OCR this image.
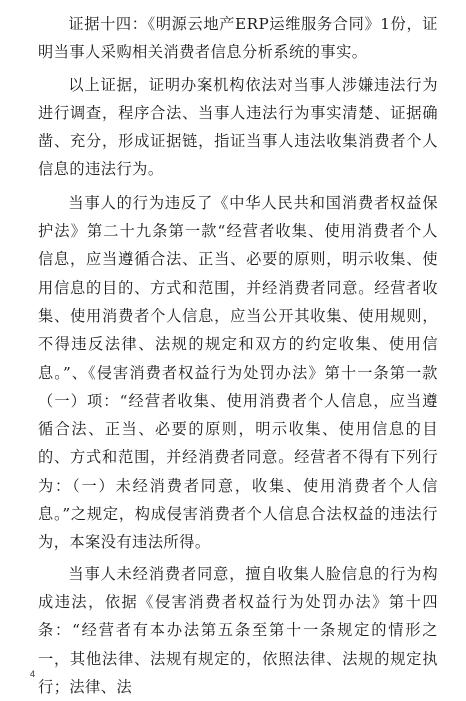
证据十四：《明源云地产ERP运维服务合同》1份，证明当事人采购相关消费者信息分析系统的事实。

以上证据，证明办案机构依法对当事人涉嫌违法行为进行调查，程序合法、当事人违法行为事实清楚、证据确凿、充分，形成证据链，指证当事人违法收集消费者个人信息的违法行为。

当事人的行为违反了《中华人民共和国消费者权益保护法》第二十九条第一款“经营者收集、使用消费者个人信息，应当遵循合法、正当、必要的原则，明示收集、使用信息的目的、方式和范围，并经消费者同意。经营者收集、使用消费者个人信息，应当公开其收集、使用规则，不得违反法律、法规的规定和双方的约定收集、使用信息。”、《侵害消费者权益行为处罚办法》第十一条第一款（一）项：“经营者收集、使用消费者个人信息，应当遵循合法、正当、必要的原则，明示收集、使用信息的目的、方式和范围，并经消费者同意。经营者不得有下列行为：（一）未经消费者同意，收集、使用消费者个人信息。”之规定，构成侵害消费者个人信息合法权益的违法行为，本案没有违法所得。

当事人未经消费者同意，擅自收集人脸信息的行为构成违法，依据《侵害消费者权益行为处罚办法》第十四条：“经营者有本办法第五条至第十一条规定的情形之一，其他法律、法规有规定的，依照法律、法规的规定执行；法律、法

4
